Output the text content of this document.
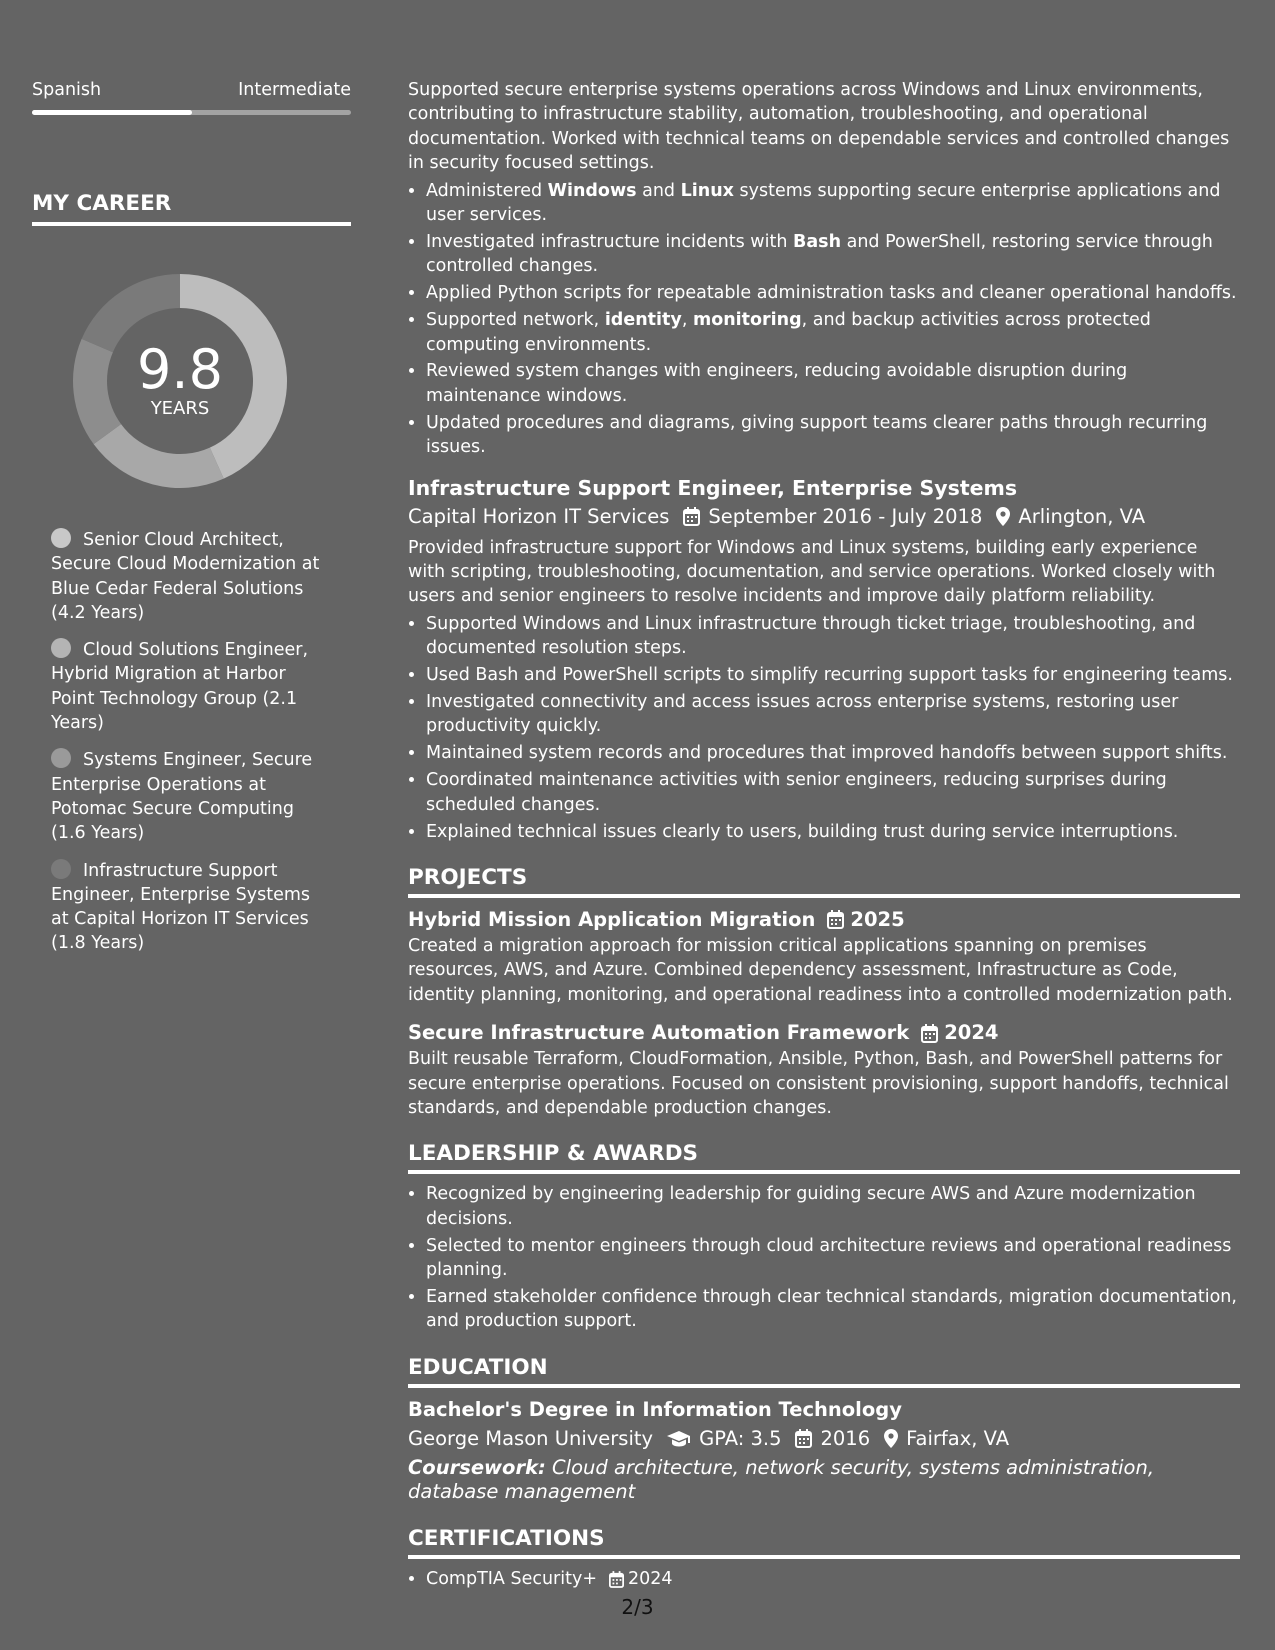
Spanish	Intermediate
MY CAREER
9.8
YEARS
Senior Cloud Architect, Secure Cloud Modernization at Blue Cedar Federal Solutions (4.2 Years)
Cloud Solutions Engineer, Hybrid Migration at Harbor Point Technology Group (2.1 Years)
Systems Engineer, Secure Enterprise Operations at Potomac Secure Computing (1.6 Years)
Infrastructure Support Engineer, Enterprise Systems at Capital Horizon IT Services (1.8 Years)

Supported secure enterprise systems operations across Windows and Linux environments, contributing to infrastructure stability, automation, troubleshooting, and operational documentation. Worked with technical teams on dependable services and controlled changes in security focused settings.

• Administered Windows and Linux systems supporting secure enterprise applications and user services.
• Investigated infrastructure incidents with Bash and PowerShell, restoring service through controlled changes.
• Applied Python scripts for repeatable administration tasks and cleaner operational handoffs.
• Supported network, identity, monitoring, and backup activities across protected computing environments.
• Reviewed system changes with engineers, reducing avoidable disruption during maintenance windows.
• Updated procedures and diagrams, giving support teams clearer paths through recurring issues.
Infrastructure Support Engineer, Enterprise Systems
Capital Horizon IT Services September 2016 - July 2018 Arlington, VA

Provided infrastructure support for Windows and Linux systems, building early experience with scripting, troubleshooting, documentation, and service operations. Worked closely with users and senior engineers to resolve incidents and improve daily platform reliability.

• Supported Windows and Linux infrastructure through ticket triage, troubleshooting, and documented resolution steps.
• Used Bash and PowerShell scripts to simplify recurring support tasks for engineering teams.
• Investigated connectivity and access issues across enterprise systems, restoring user productivity quickly.
• Maintained system records and procedures that improved handoffs between support shifts.
• Coordinated maintenance activities with senior engineers, reducing surprises during scheduled changes.
• Explained technical issues clearly to users, building trust during service interruptions.
PROJECTS
Hybrid Mission Application Migration 2025

Created a migration approach for mission critical applications spanning on premises resources, AWS, and Azure. Combined dependency assessment, Infrastructure as Code, identity planning, monitoring, and operational readiness into a controlled modernization path.

Secure Infrastructure Automation Framework 2024

Built reusable Terraform, CloudFormation, Ansible, Python, Bash, and PowerShell patterns for secure enterprise operations. Focused on consistent provisioning, support handoffs, technical standards, and dependable production changes.

LEADERSHIP & AWARDS
• Recognized by engineering leadership for guiding secure AWS and Azure modernization decisions.
• Selected to mentor engineers through cloud architecture reviews and operational readiness planning.
• Earned stakeholder confidence through clear technical standards, migration documentation, and production support.
EDUCATION
Bachelor's Degree in Information Technology
George Mason University GPA: 3.5 2016 Fairfax, VA

Coursework: Cloud architecture, network security, systems administration, database management

CERTIFICATIONS
• CompTIA Security+ 2024
2/3
